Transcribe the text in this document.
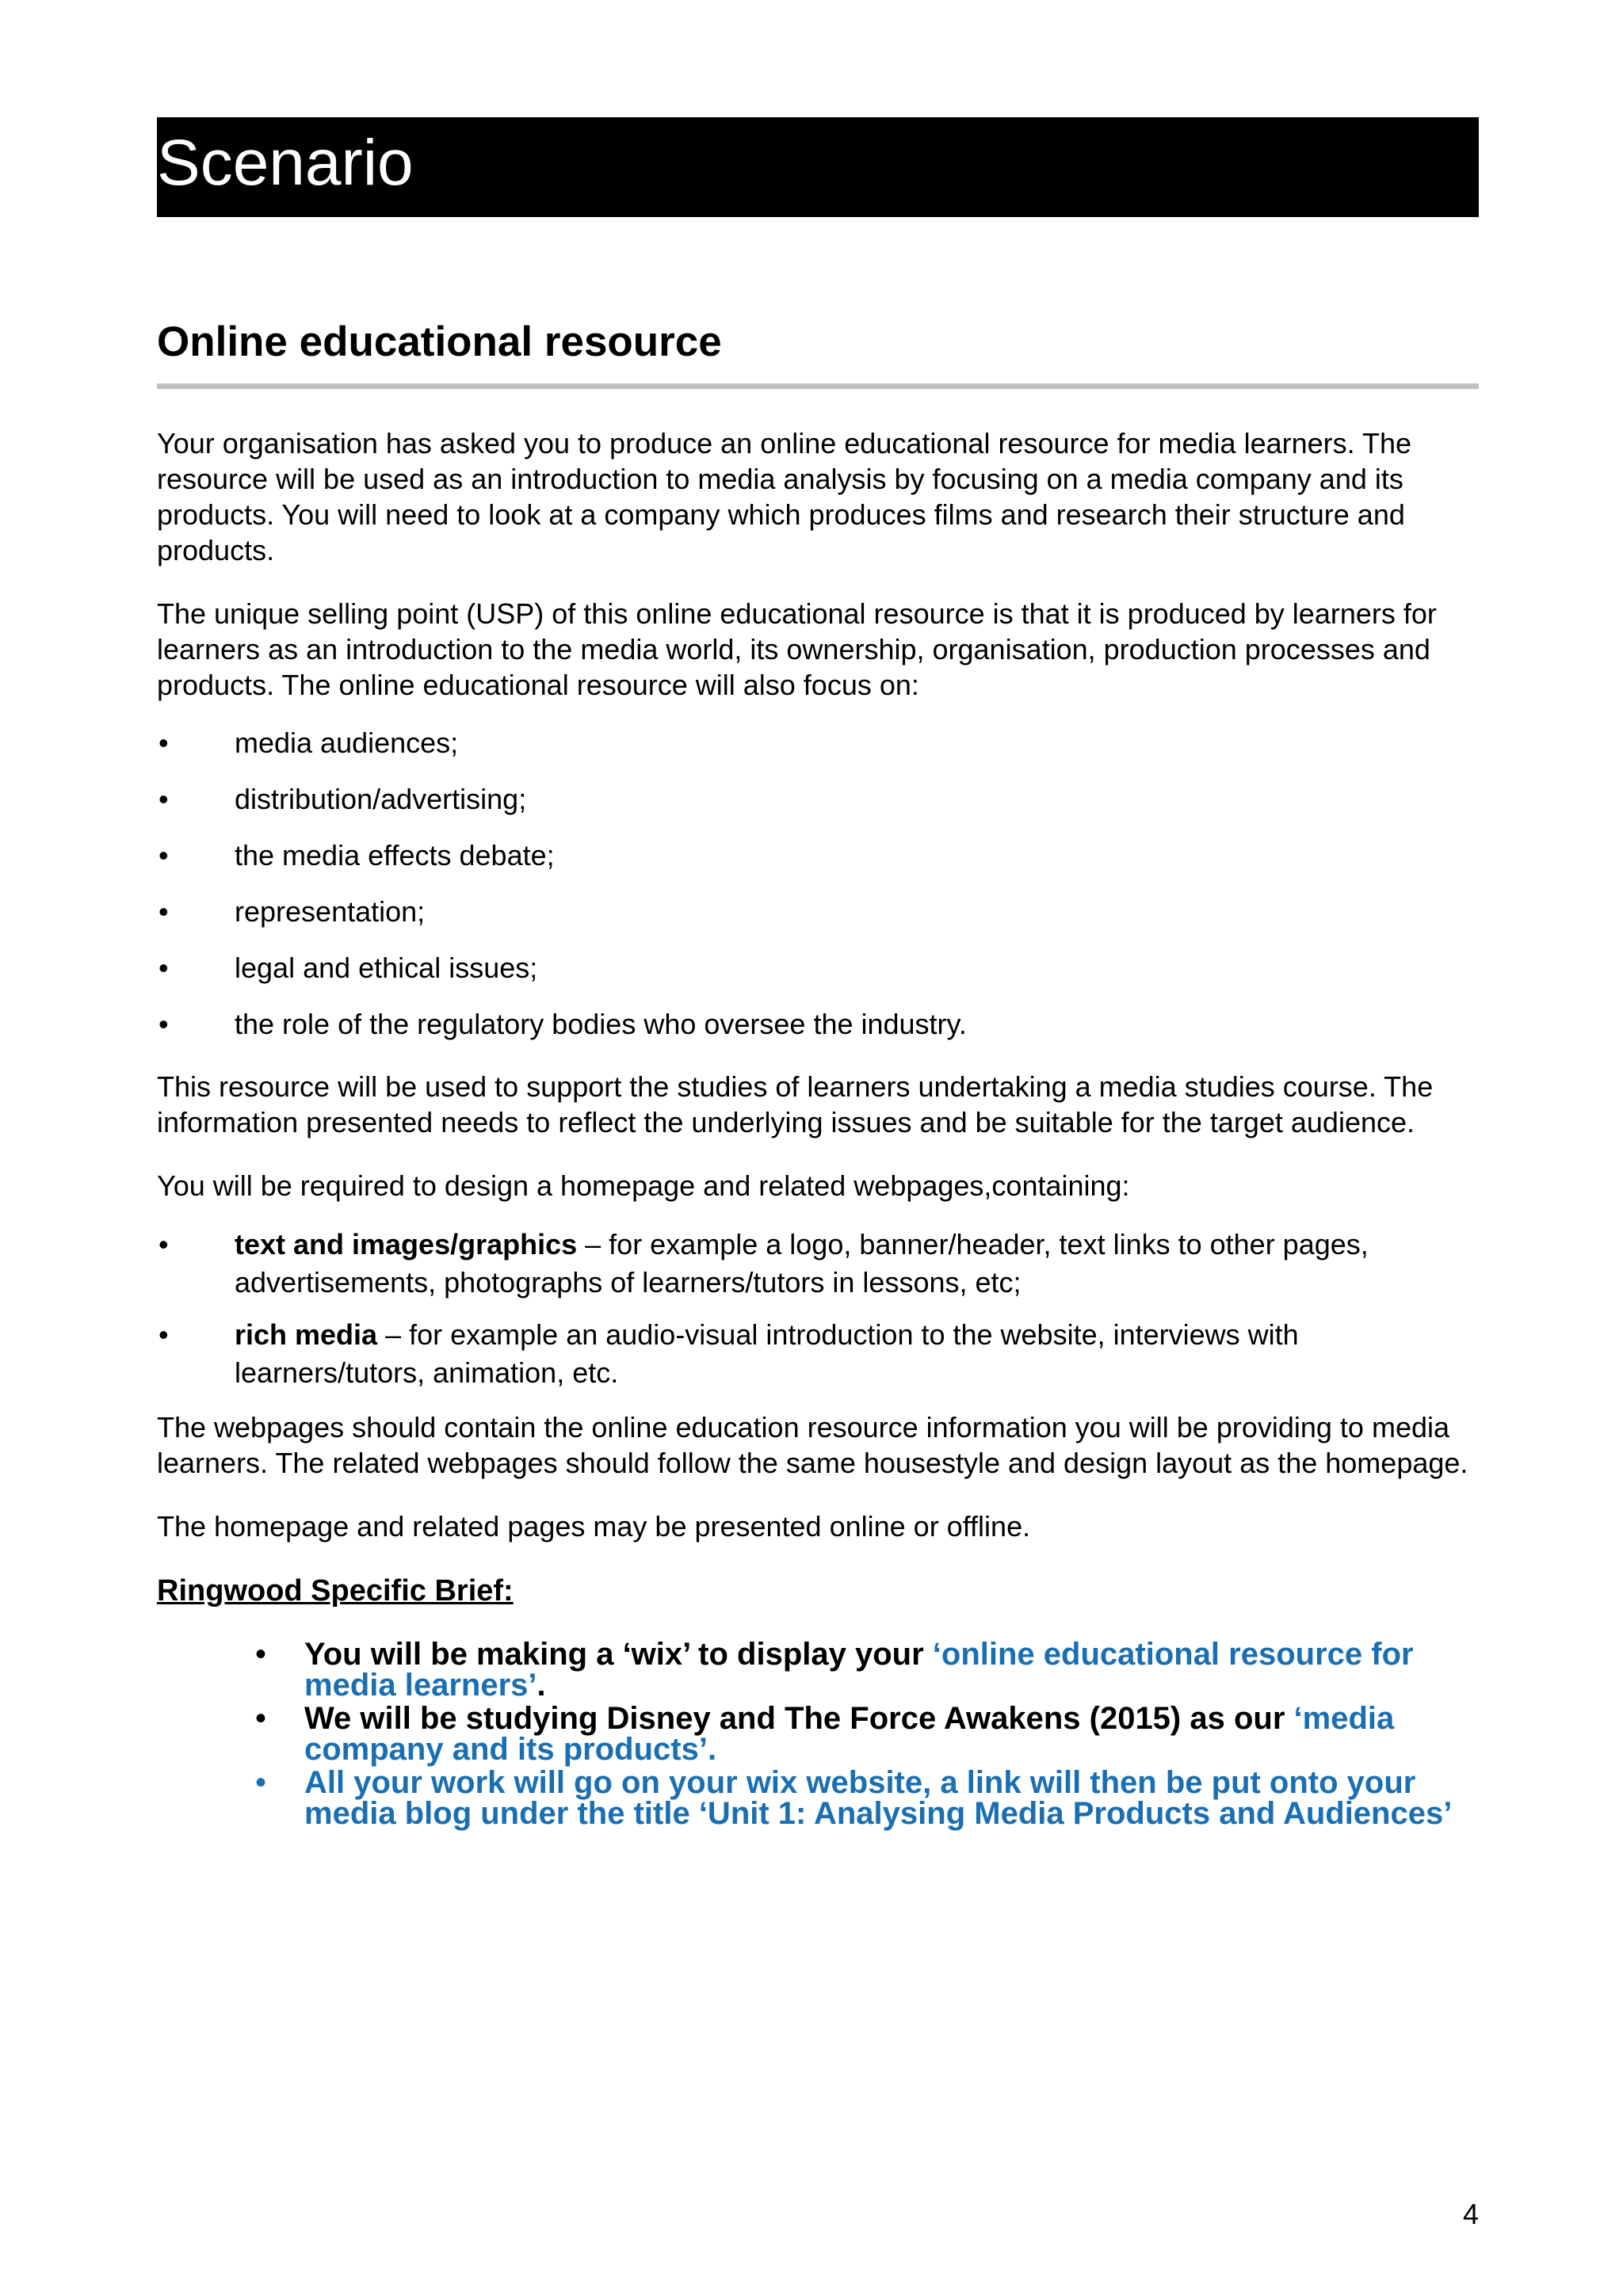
Scenario
Online educational resource

Your organisation has asked you to produce an online educational resource for media learners. The resource will be used as an introduction to media analysis by focusing on a media company and its products. You will need to look at a company which produces films and research their structure and products.

The unique selling point (USP) of this online educational resource is that it is produced by learners for learners as an introduction to the media world, its ownership, organisation, production processes and products. The online educational resource will also focus on:

• media audiences;
• distribution/advertising;
• the media effects debate;
• representation;
• legal and ethical issues;
• the role of the regulatory bodies who oversee the industry.

This resource will be used to support the studies of learners undertaking a media studies course. The information presented needs to reflect the underlying issues and be suitable for the target audience.

You will be required to design a homepage and related webpages,containing:

• text and images/graphics – for example a logo, banner/header, text links to other pages, advertisements, photographs of learners/tutors in lessons, etc;
• rich media – for example an audio-visual introduction to the website, interviews with learners/tutors, animation, etc.

The webpages should contain the online education resource information you will be providing to media learners. The related webpages should follow the same housestyle and design layout as the homepage.

The homepage and related pages may be presented online or offline.

Ringwood Specific Brief:
• You will be making a ‘wix’ to display your ‘online educational resource for media learners’.
• We will be studying Disney and The Force Awakens (2015) as our ‘media company and its products’.
• All your work will go on your wix website, a link will then be put onto your media blog under the title ‘Unit 1: Analysing Media Products and Audiences’
4
